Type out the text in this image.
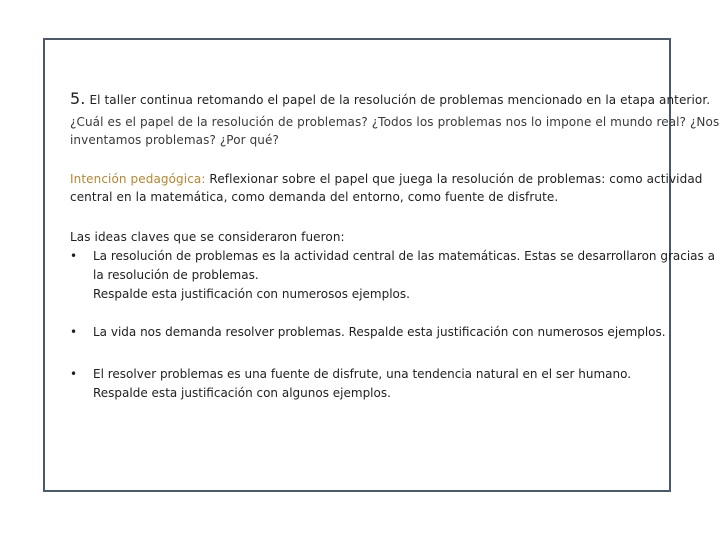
5. El taller continua retomando el papel de la resolución de problemas mencionado en la etapa anterior.
¿Cuál es el papel de la resolución de problemas? ¿Todos los problemas nos lo impone el mundo real? ¿Nos
inventamos problemas? ¿Por qué?
Intención pedagógica: Reflexionar sobre el papel que juega la resolución de problemas: como actividad
central en la matemática, como demanda del entorno, como fuente de disfrute.
Las ideas claves que se consideraron fueron:
• La resolución de problemas es la actividad central de las matemáticas. Estas se desarrollaron gracias a
la resolución de problemas.
Respalde esta justificación con numerosos ejemplos.
• La vida nos demanda resolver problemas. Respalde esta justificación con numerosos ejemplos.
• El resolver problemas es una fuente de disfrute, una tendencia natural en el ser humano.
Respalde esta justificación con algunos ejemplos.
